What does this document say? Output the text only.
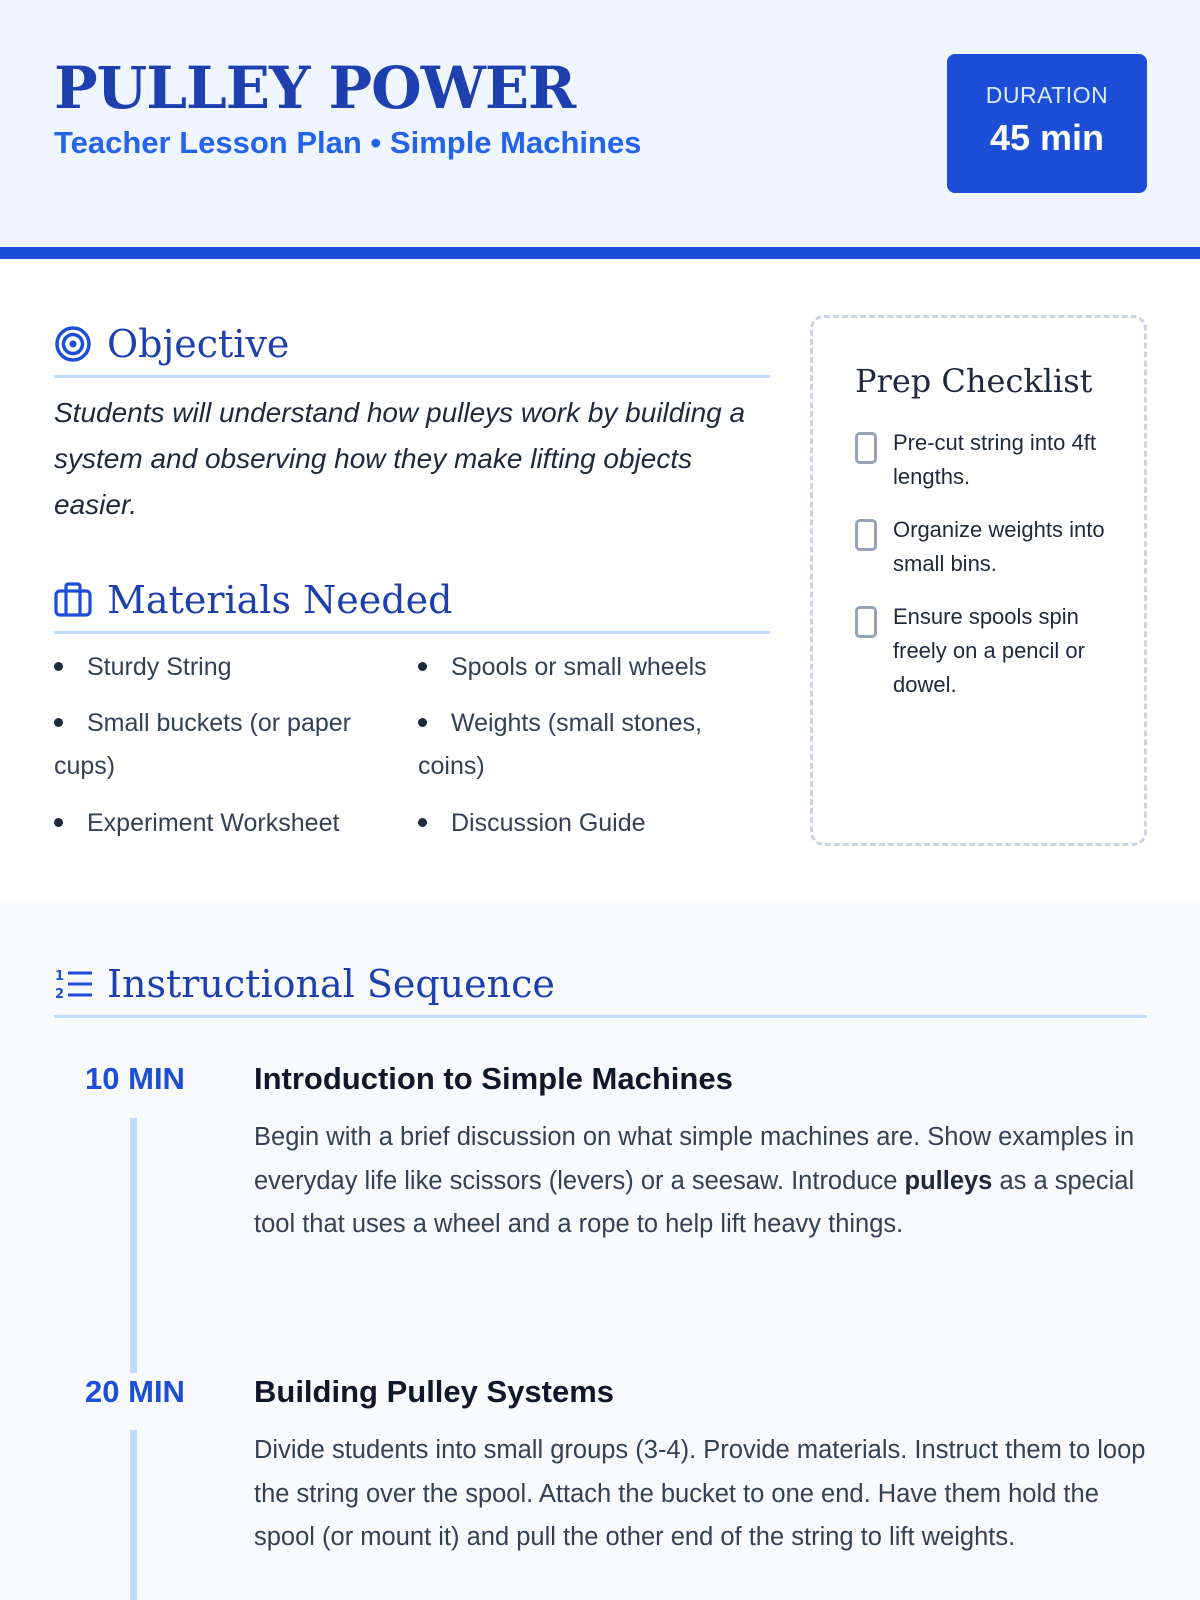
PULLEY POWER
Teacher Lesson Plan • Simple Machines
DURATION
45 min
Objective
Students will understand how pulleys work by building a system and observing how they make lifting objects easier.
Materials Needed
Sturdy String	Spools or small wheels
Small buckets (or paper cups)
Weights (small stones, coins)
Experiment Worksheet	Discussion Guide
Prep Checklist
Pre-cut string into 4ft lengths.
Organize weights into small bins.
Ensure spools spin freely on a pencil or dowel.
1
2 Instructional Sequence
10 MIN	Introduction to Simple Machines
Begin with a brief discussion on what simple machines are. Show examples in everyday life like scissors (levers) or a seesaw. Introduce pulleys as a special tool that uses a wheel and a rope to help lift heavy things.
20 MIN	Building Pulley Systems
Divide students into small groups (3-4). Provide materials. Instruct them to loop the string over the spool. Attach the bucket to one end. Have them hold the spool (or mount it) and pull the other end of the string to lift weights.
